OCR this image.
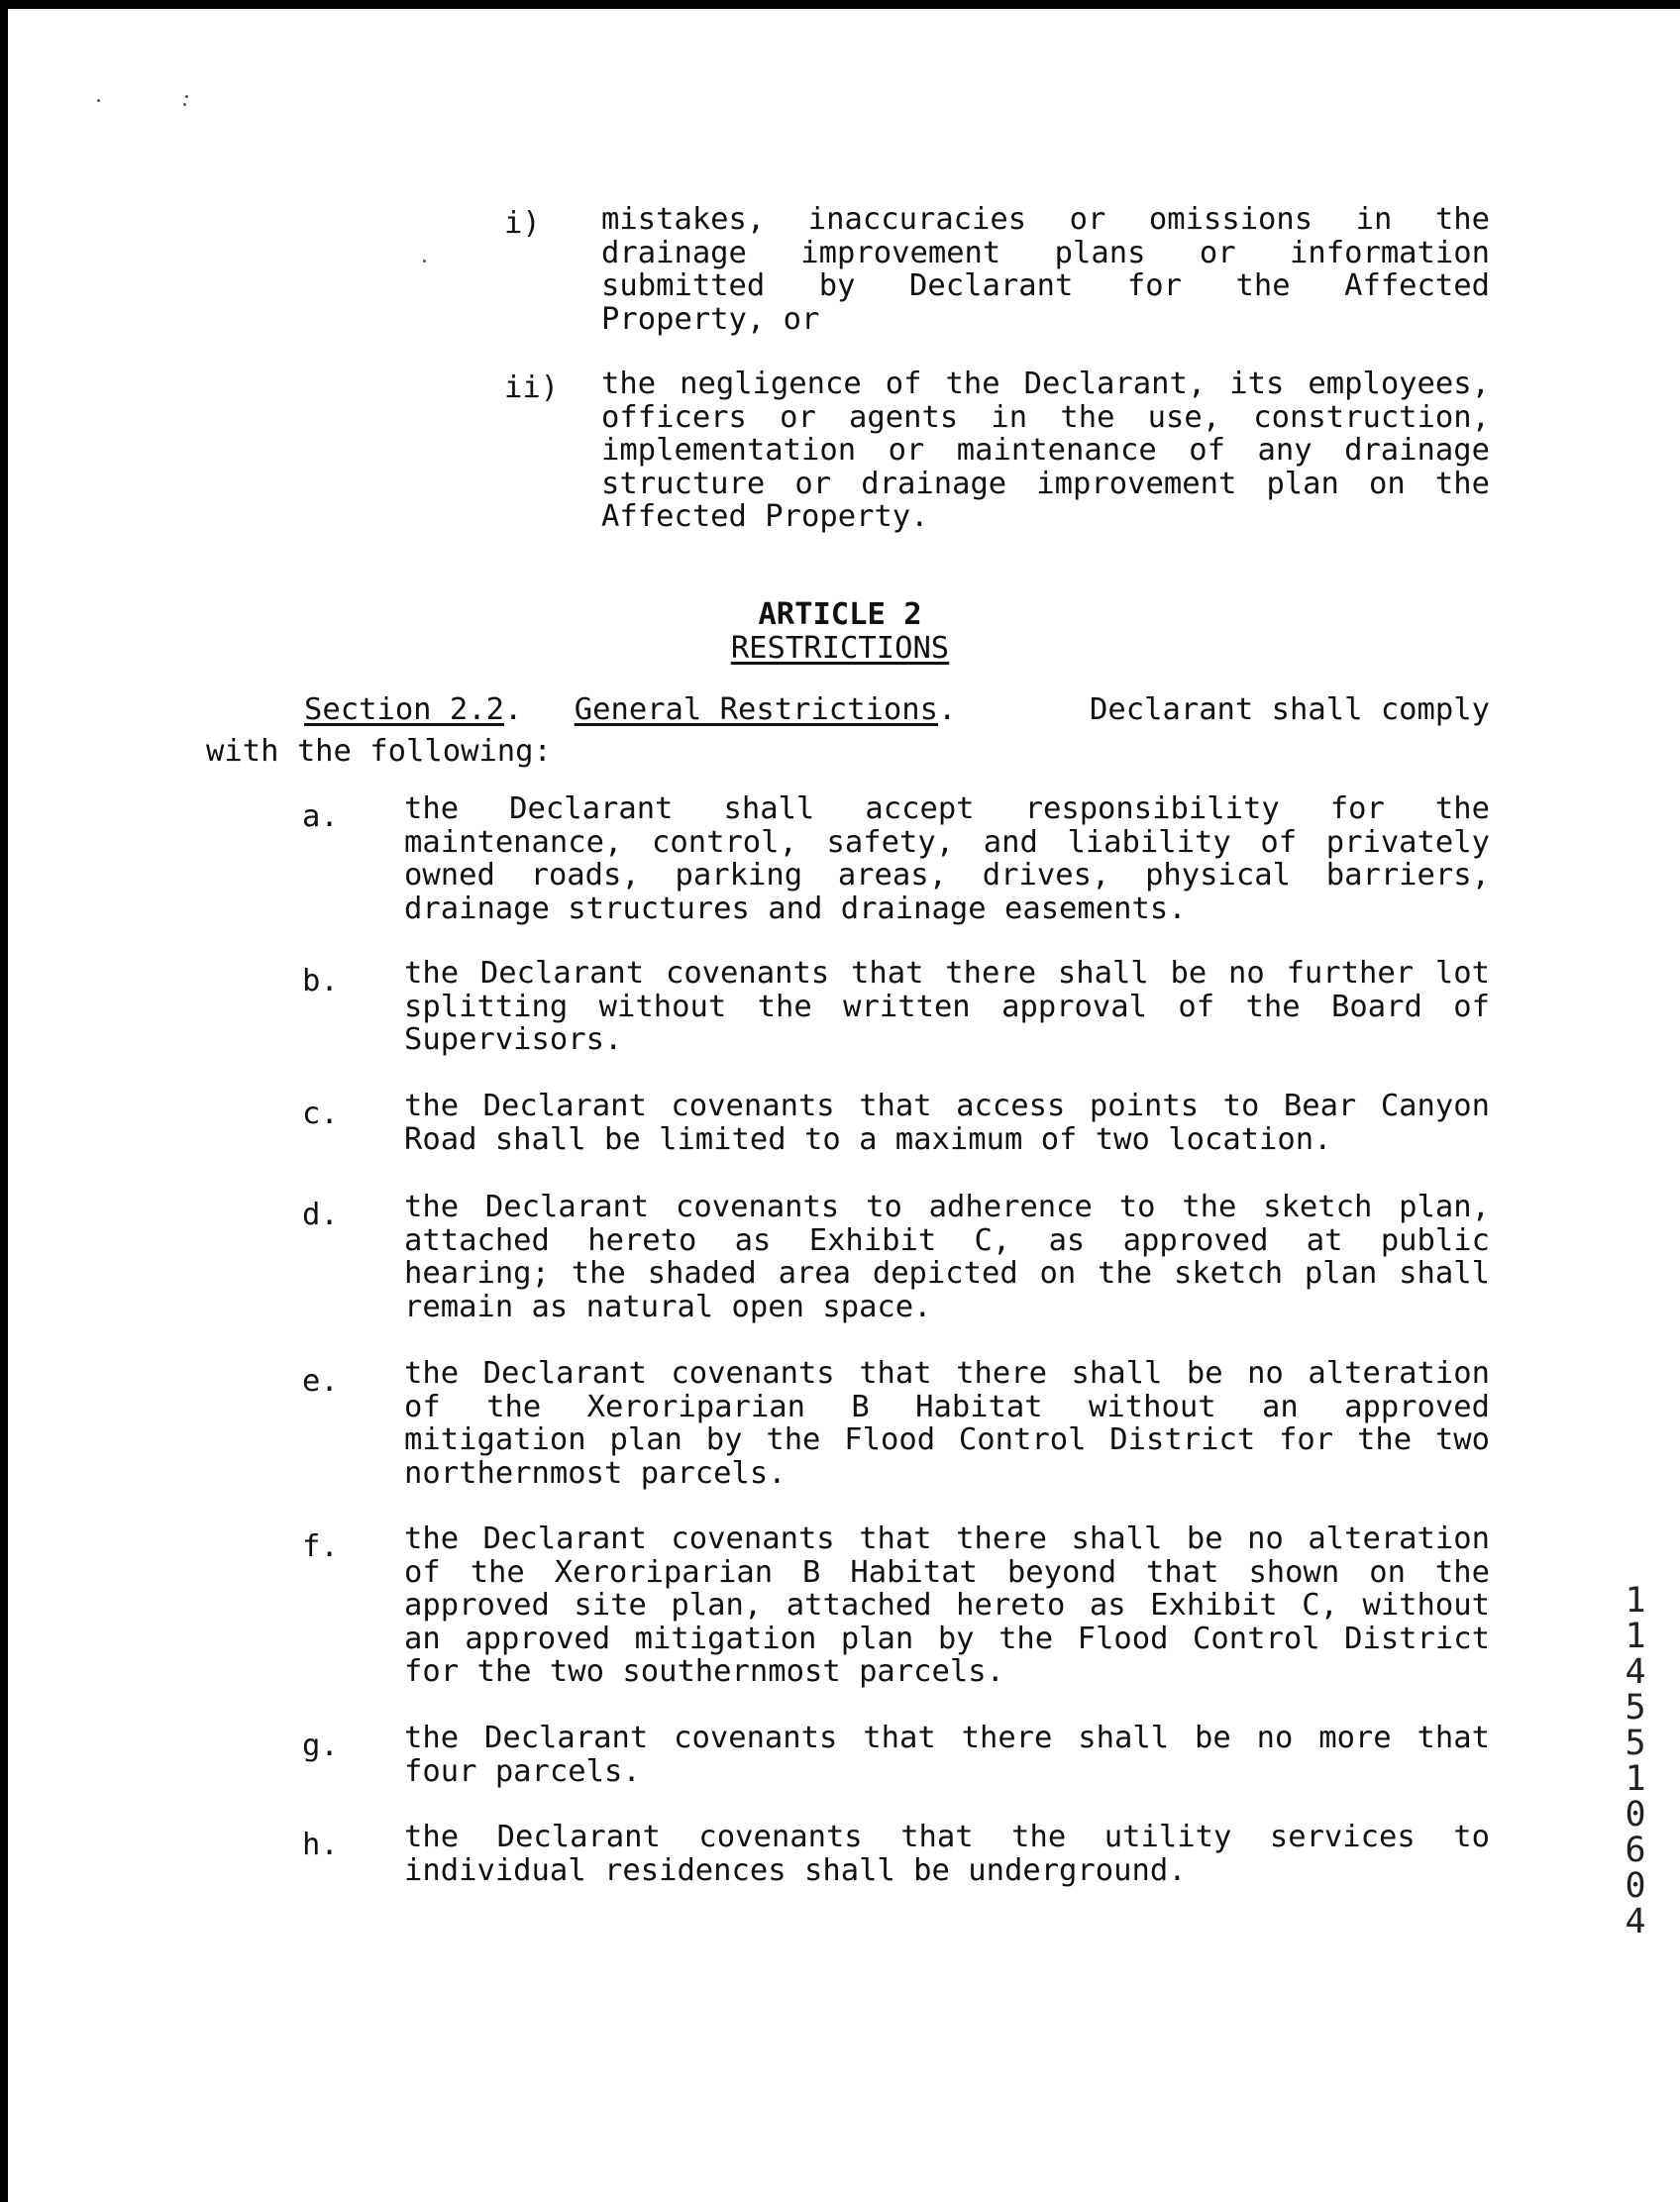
i) mistakes, inaccuracies or omissions in the drainage improvement plans or information submitted by Declarant for the Affected Property, or
ii) the negligence of the Declarant, its employees, officers or agents in the use, construction, implementation or maintenance of any drainage structure or drainage improvement plan on the Affected Property.
ARTICLE 2
RESTRICTIONS
Section 2.2. General Restrictions.	Declarant shall comply
with the following:
a. the Declarant shall accept responsibility for the maintenance, control, safety, and liability of privately owned roads, parking areas, drives, physical barriers, drainage structures and drainage easements.
b. the Declarant covenants that there shall be no further lot splitting without the written approval of the Board of Supervisors.
c. the Declarant covenants that access points to Bear Canyon Road shall be limited to a maximum of two location.
d. the Declarant covenants to adherence to the sketch plan, attached hereto as Exhibit C, as approved at public hearing; the shaded area depicted on the sketch plan shall remain as natural open space.
e. the Declarant covenants that there shall be no alteration of the Xeroriparian B Habitat without an approved mitigation plan by the Flood Control District for the two northernmost parcels.
f. the Declarant covenants that there shall be no alteration of the Xeroriparian B Habitat beyond that shown on the approved site plan, attached hereto as Exhibit C, without an approved mitigation plan by the Flood Control District for the two southernmost parcels.
g. the Declarant covenants that there shall be no more that four parcels.
h. the Declarant covenants that the utility services to individual residences shall be underground.
1
1
4
5
5
1
0
6
0
4
